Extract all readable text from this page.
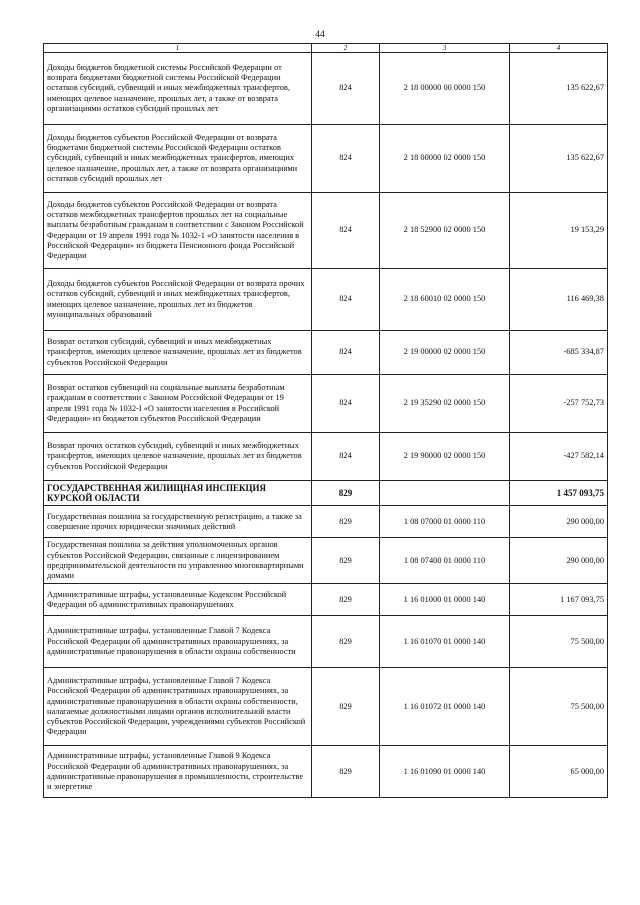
44
1	2	3	4
Доходы бюджетов бюджетной системы Российской Федерации от возврата бюджетами бюджетной системы Российской Федерации остатков субсидий, субвенций и иных межбюджетных трансфертов, имеющих целевое назначение, прошлых лет, а также от возврата организациями остатков субсидий прошлых лет	824	2 18 00000 00 0000 150	135 622,67
Доходы бюджетов субъектов Российской Федерации от возврата бюджетами бюджетной системы Российской Федерации остатков субсидий, субвенций и иных межбюджетных трансфертов, имеющих целевое назначение, прошлых лет, а также от возврата организациями остатков субсидий прошлых лет	824	2 18 00000 02 0000 150	135 622,67
Доходы бюджетов субъектов Российской Федерации от возврата остатков межбюджетных трансфертов прошлых лет на социальные выплаты безработным гражданам в соответствии с Законом Российской Федерации от 19 апреля 1991 года № 1032-1 «О занятости населения в Российской Федерации» из бюджета Пенсионного фонда Российской Федерации	824	2 18 52900 02 0000 150	19 153,29
Доходы бюджетов субъектов Российской Федерации от возврата прочих остатков субсидий, субвенций и иных межбюджетных трансфертов, имеющих целевое назначение, прошлых лет из бюджетов муниципальных образований	824	2 18 60010 02 0000 150	116 469,38
Возврат остатков субсидий, субвенций и иных межбюджетных трансфертов, имеющих целевое назначение, прошлых лет из бюджетов субъектов Российской Федерации	824	2 19 00000 02 0000 150	-685 334,87
Возврат остатков субвенций на социальные выплаты безработным гражданам в соответствии с Законом Российской Федерации от 19 апреля 1991 года № 1032-I «О занятости населения в Российской Федерации» из бюджетов субъектов Российской Федерации	824	2 19 35290 02 0000 150	-257 752,73
Возврат прочих остатков субсидий, субвенций и иных межбюджетных трансфертов, имеющих целевое назначение, прошлых лет из бюджетов субъектов Российской Федерации	824	2 19 90000 02 0000 150	-427 582,14
ГОСУДАРСТВЕННАЯ ЖИЛИЩНАЯ ИНСПЕКЦИЯ КУРСКОЙ ОБЛАСТИ	829		1 457 093,75
Государственная пошлина за государственную регистрацию, а также за совершение прочих юридически значимых действий	829	1 08 07000 01 0000 110	290 000,00
Государственная пошлина за действия уполномоченных органов субъектов Российской Федерации, связанные с лицензированием предпринимательской деятельности по управлению многоквартирными домами	829	1 08 07400 01 0000 110	290 000,00
Административные штрафы, установленные Кодексом Российской Федерации об административных правонарушениях	829	1 16 01000 01 0000 140	1 167 093,75
Административные штрафы, установленные Главой 7 Кодекса Российской Федерации об административных правонарушениях, за административные правонарушения в области охраны собственности	829	1 16 01070 01 0000 140	75 500,00
Административные штрафы, установленные Главой 7 Кодекса Российской Федерации об административных правонарушениях, за административные правонарушения в области охраны собственности, налагаемые должностными лицами органов исполнительной власти субъектов Российской Федерации, учреждениями субъектов Российской Федерации	829	1 16 01072 01 0000 140	75 500,00
Административные штрафы, установленные Главой 9 Кодекса Российской Федерации об административных правонарушениях, за административные правонарушения в промышленности, строительстве и энергетике	829	1 16 01090 01 0000 140	65 000,00
